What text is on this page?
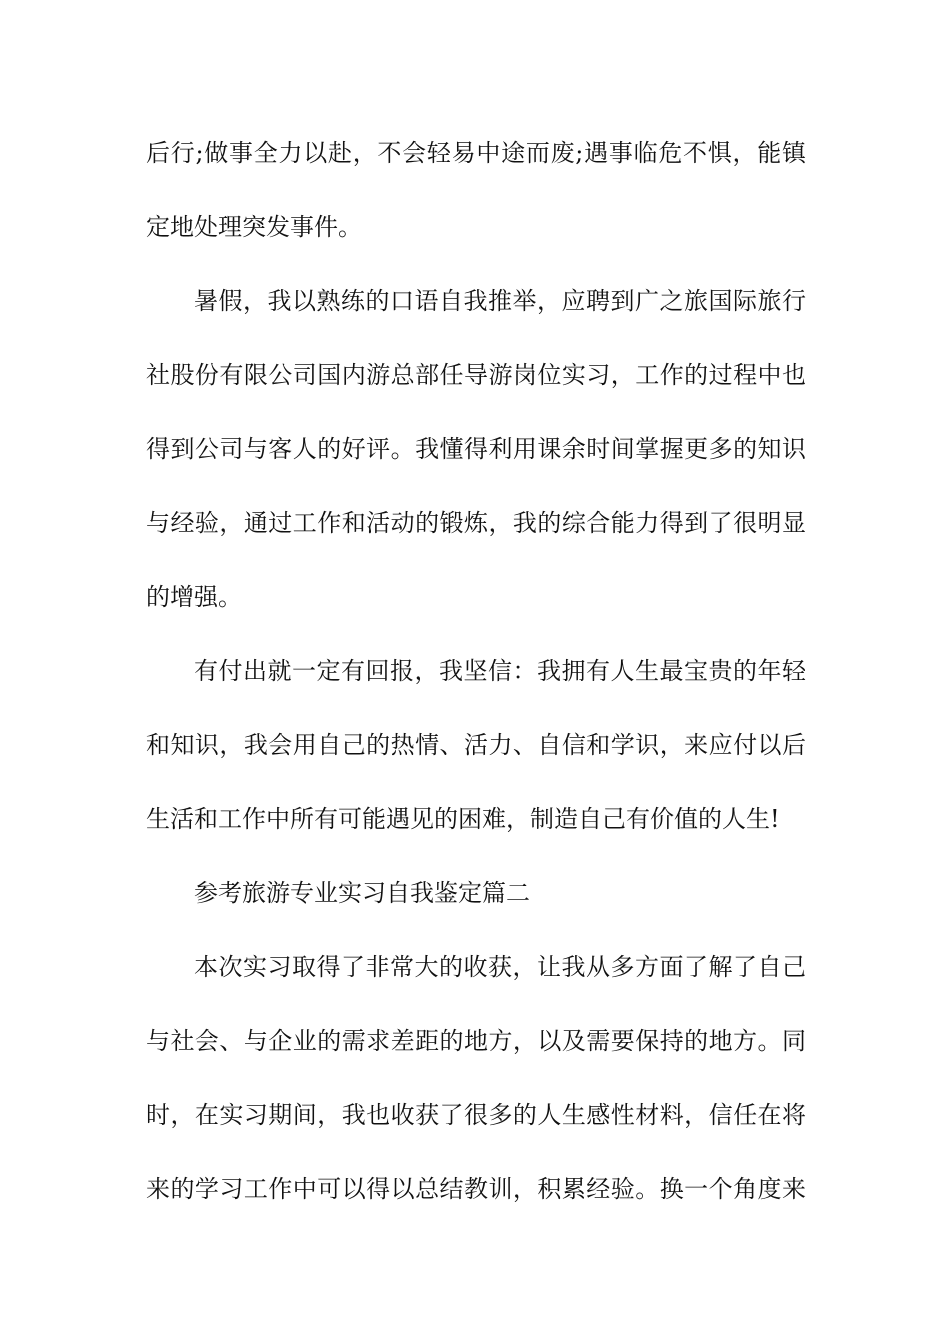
后行;做事全力以赴，不会轻易中途而废;遇事临危不惧，能镇
定地处理突发事件。
暑假，我以熟练的口语自我推举，应聘到广之旅国际旅行
社股份有限公司国内游总部任导游岗位实习，工作的过程中也
得到公司与客人的好评。我懂得利用课余时间掌握更多的知识
与经验，通过工作和活动的锻炼，我的综合能力得到了很明显
的增强。
有付出就一定有回报，我坚信：我拥有人生最宝贵的年轻
和知识，我会用自己的热情、活力、自信和学识，来应付以后
生活和工作中所有可能遇见的困难，制造自己有价值的人生!
参考旅游专业实习自我鉴定篇二
本次实习取得了非常大的收获，让我从多方面了解了自己
与社会、与企业的需求差距的地方，以及需要保持的地方。同
时，在实习期间，我也收获了很多的人生感性材料，信任在将
来的学习工作中可以得以总结教训，积累经验。换一个角度来
